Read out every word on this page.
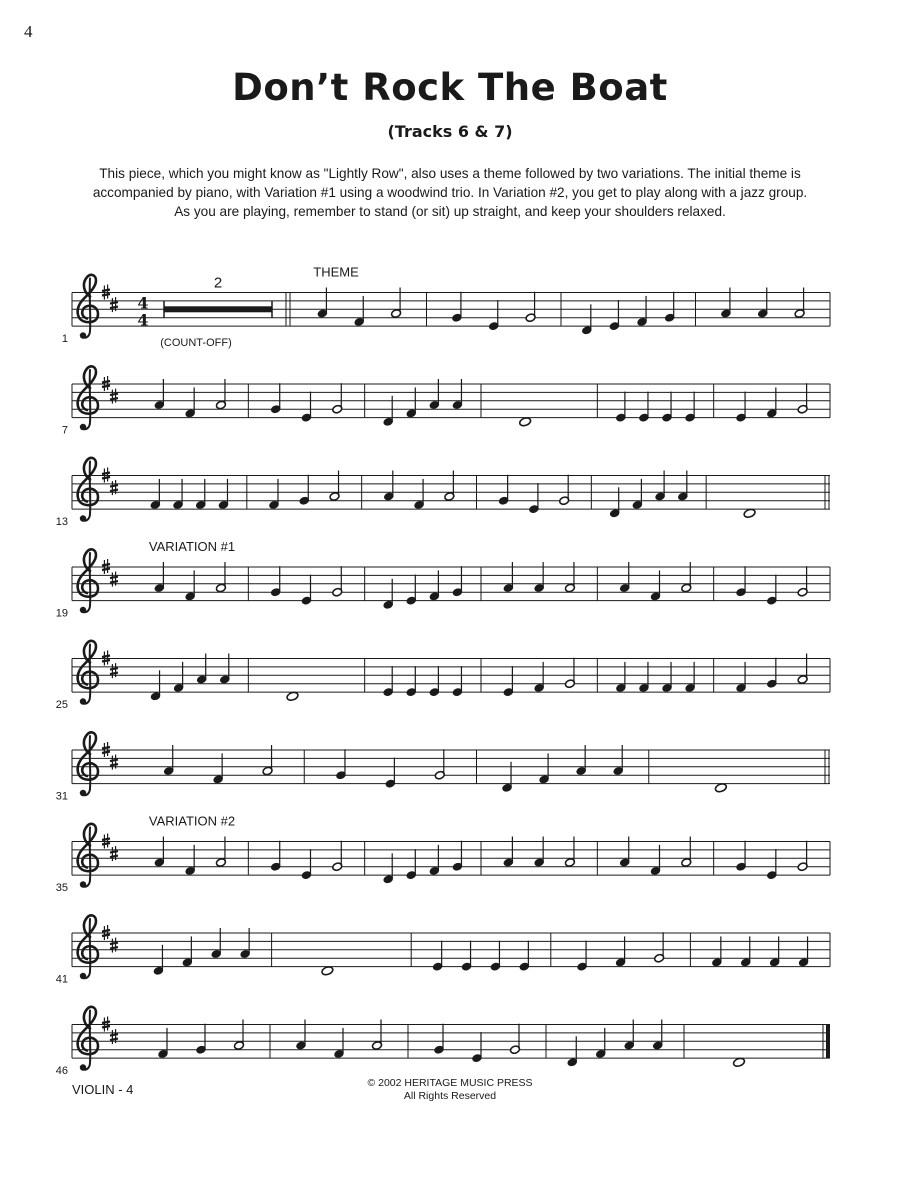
4
Don’t Rock The Boat
(Tracks 6 & 7)
This piece, which you might know as "Lightly Row", also uses a theme followed by two variations. The initial theme is accompanied by piano, with Variation #1 using a woodwind trio. In Variation #2, you get to play along with a jazz group. As you are playing, remember to stand (or sit) up straight, and keep your shoulders relaxed.
1
THEME
4
4
2
(COUNT-OFF)
7
13
19
VARIATION #1
25
31
35
VARIATION #2
41
46
VIOLIN - 4	© 2002 HERITAGE MUSIC PRESS
All Rights Reserved
